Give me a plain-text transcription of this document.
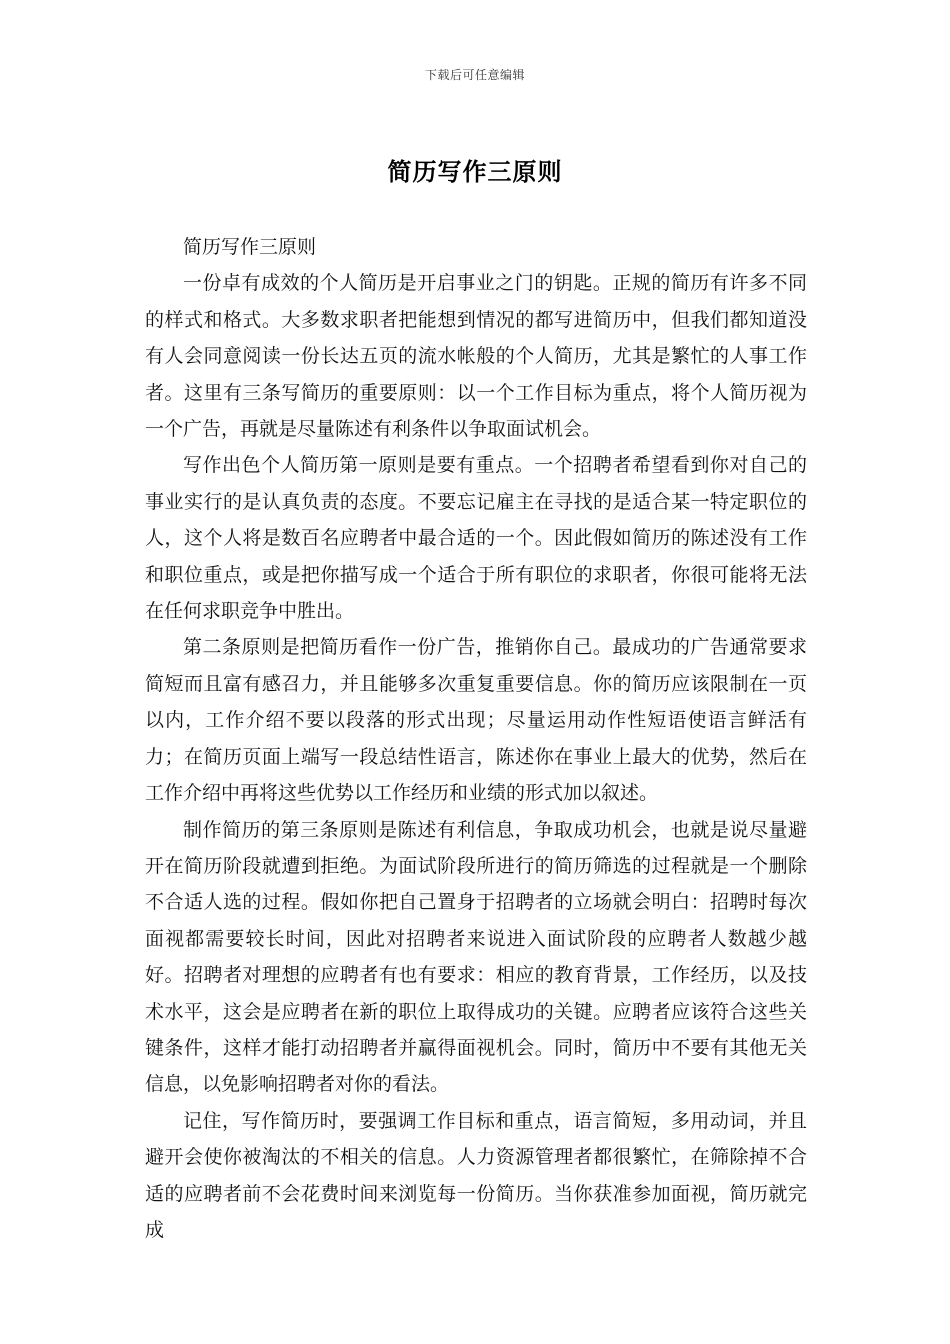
下载后可任意编辑
简历写作三原则

简历写作三原则

一份卓有成效的个人简历是开启事业之门的钥匙。正规的简历有许多不同的样式和格式。大多数求职者把能想到情况的都写进简历中，但我们都知道没有人会同意阅读一份长达五页的流水帐般的个人简历，尤其是繁忙的人事工作者。这里有三条写简历的重要原则：以一个工作目标为重点，将个人简历视为一个广告，再就是尽量陈述有利条件以争取面试机会。

写作出色个人简历第一原则是要有重点。一个招聘者希望看到你对自己的事业实行的是认真负责的态度。不要忘记雇主在寻找的是适合某一特定职位的人，这个人将是数百名应聘者中最合适的一个。因此假如简历的陈述没有工作和职位重点，或是把你描写成一个适合于所有职位的求职者，你很可能将无法在任何求职竞争中胜出。

第二条原则是把简历看作一份广告，推销你自己。最成功的广告通常要求简短而且富有感召力，并且能够多次重复重要信息。你的简历应该限制在一页以内，工作介绍不要以段落的形式出现；尽量运用动作性短语使语言鲜活有力；在简历页面上端写一段总结性语言，陈述你在事业上最大的优势，然后在工作介绍中再将这些优势以工作经历和业绩的形式加以叙述。

制作简历的第三条原则是陈述有利信息，争取成功机会，也就是说尽量避开在简历阶段就遭到拒绝。为面试阶段所进行的简历筛选的过程就是一个删除不合适人选的过程。假如你把自己置身于招聘者的立场就会明白：招聘时每次面视都需要较长时间，因此对招聘者来说进入面试阶段的应聘者人数越少越好。招聘者对理想的应聘者有也有要求：相应的教育背景，工作经历，以及技术水平，这会是应聘者在新的职位上取得成功的关键。应聘者应该符合这些关键条件，这样才能打动招聘者并赢得面视机会。同时，简历中不要有其他无关信息，以免影响招聘者对你的看法。

记住，写作简历时，要强调工作目标和重点，语言简短，多用动词，并且避开会使你被淘汰的不相关的信息。人力资源管理者都很繁忙，在筛除掉不合适的应聘者前不会花费时间来浏览每一份简历。当你获准参加面视，简历就完成
